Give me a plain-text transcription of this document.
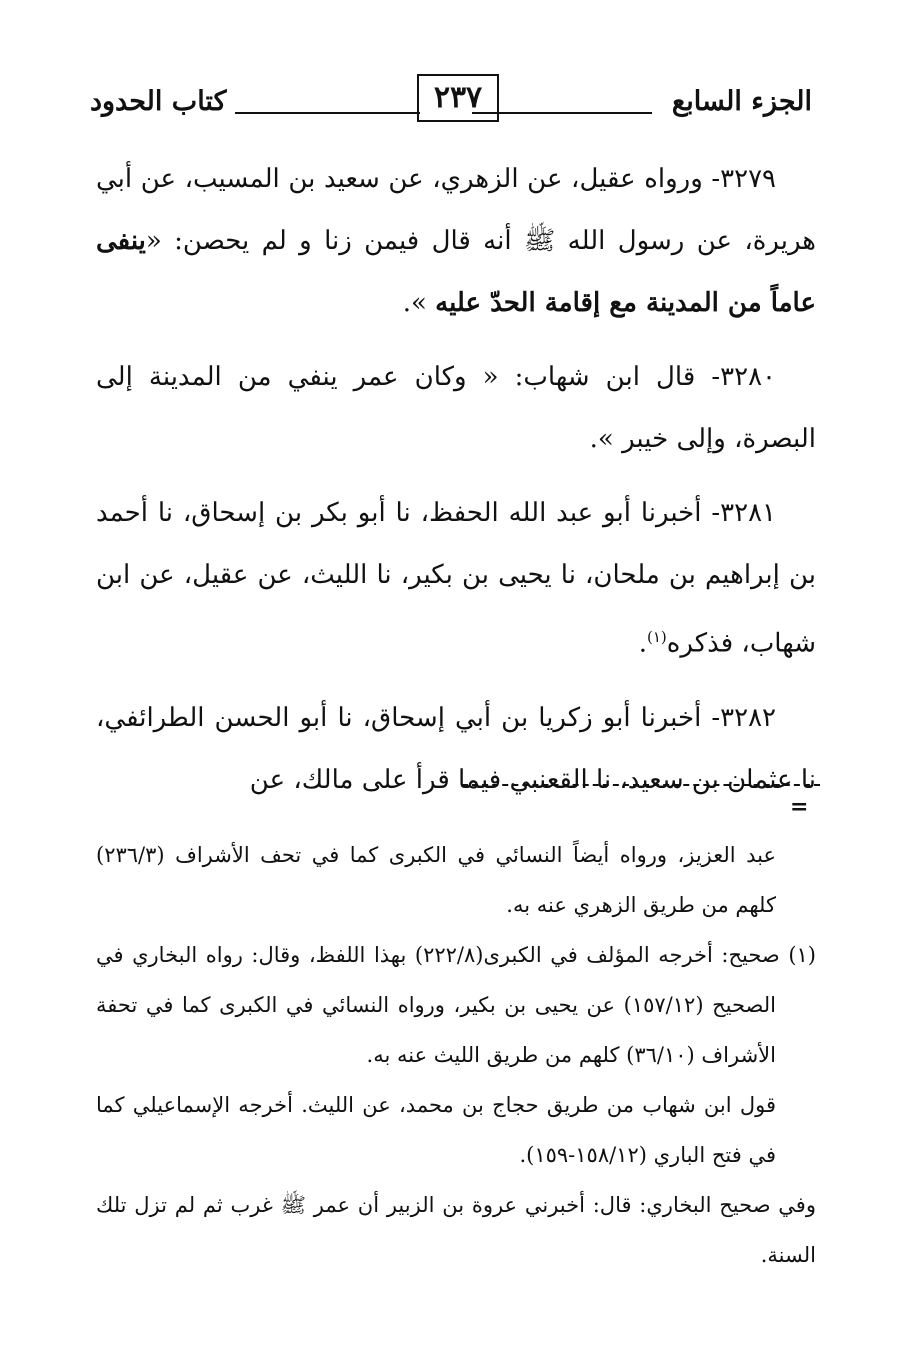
الجزء السابع
٢٣٧
كتاب الحدود

٣٢٧٩- ورواه عقيل، عن الزهري، عن سعيد بن المسيب، عن أبي هريرة، عن رسول الله ﷺ أنه قال فيمن زنا و لم يحصن: «ينفى عاماً من المدينة مع إقامة الحدّ عليه ».

٣٢٨٠- قال ابن شهاب: « وكان عمر ينفي من المدينة إلى البصرة، وإلى خيبر ».

٣٢٨١- أخبرنا أبو عبد الله الحفظ، نا أبو بكر بن إسحاق، نا أحمد بن إبراهيم بن ملحان، نا يحيى بن بكير، نا الليث، عن عقيل، عن ابن شهاب، فذكره$^{(١)}$.

٣٢٨٢- أخبرنا أبو زكريا بن أبي إسحاق، نا أبو الحسن الطرائفي، نا عثمان بن سعيد، نا القعنبي فيما قرأ على مالك، عن

=

عبد العزيز، ورواه أيضاً النسائي في الكبرى كما في تحف الأشراف (٢٣٦/٣) كلهم من طريق الزهري عنه به.

(١) صحيح: أخرجه المؤلف في الكبرى(٢٢٢/٨) بهذا اللفظ، وقال: رواه البخاري في الصحيح (١٥٧/١٢) عن يحيى بن بكير، ورواه النسائي في الكبرى كما في تحفة الأشراف (٣٦/١٠) كلهم من طريق الليث عنه به.

قول ابن شهاب من طريق حجاج بن محمد، عن الليث. أخرجه الإسماعيلي كما في فتح الباري (١٥٨/١٢-١٥٩).

وفي صحيح البخاري: قال: أخبرني عروة بن الزبير أن عمر ﷺ غرب ثم لم تزل تلك السنة.
